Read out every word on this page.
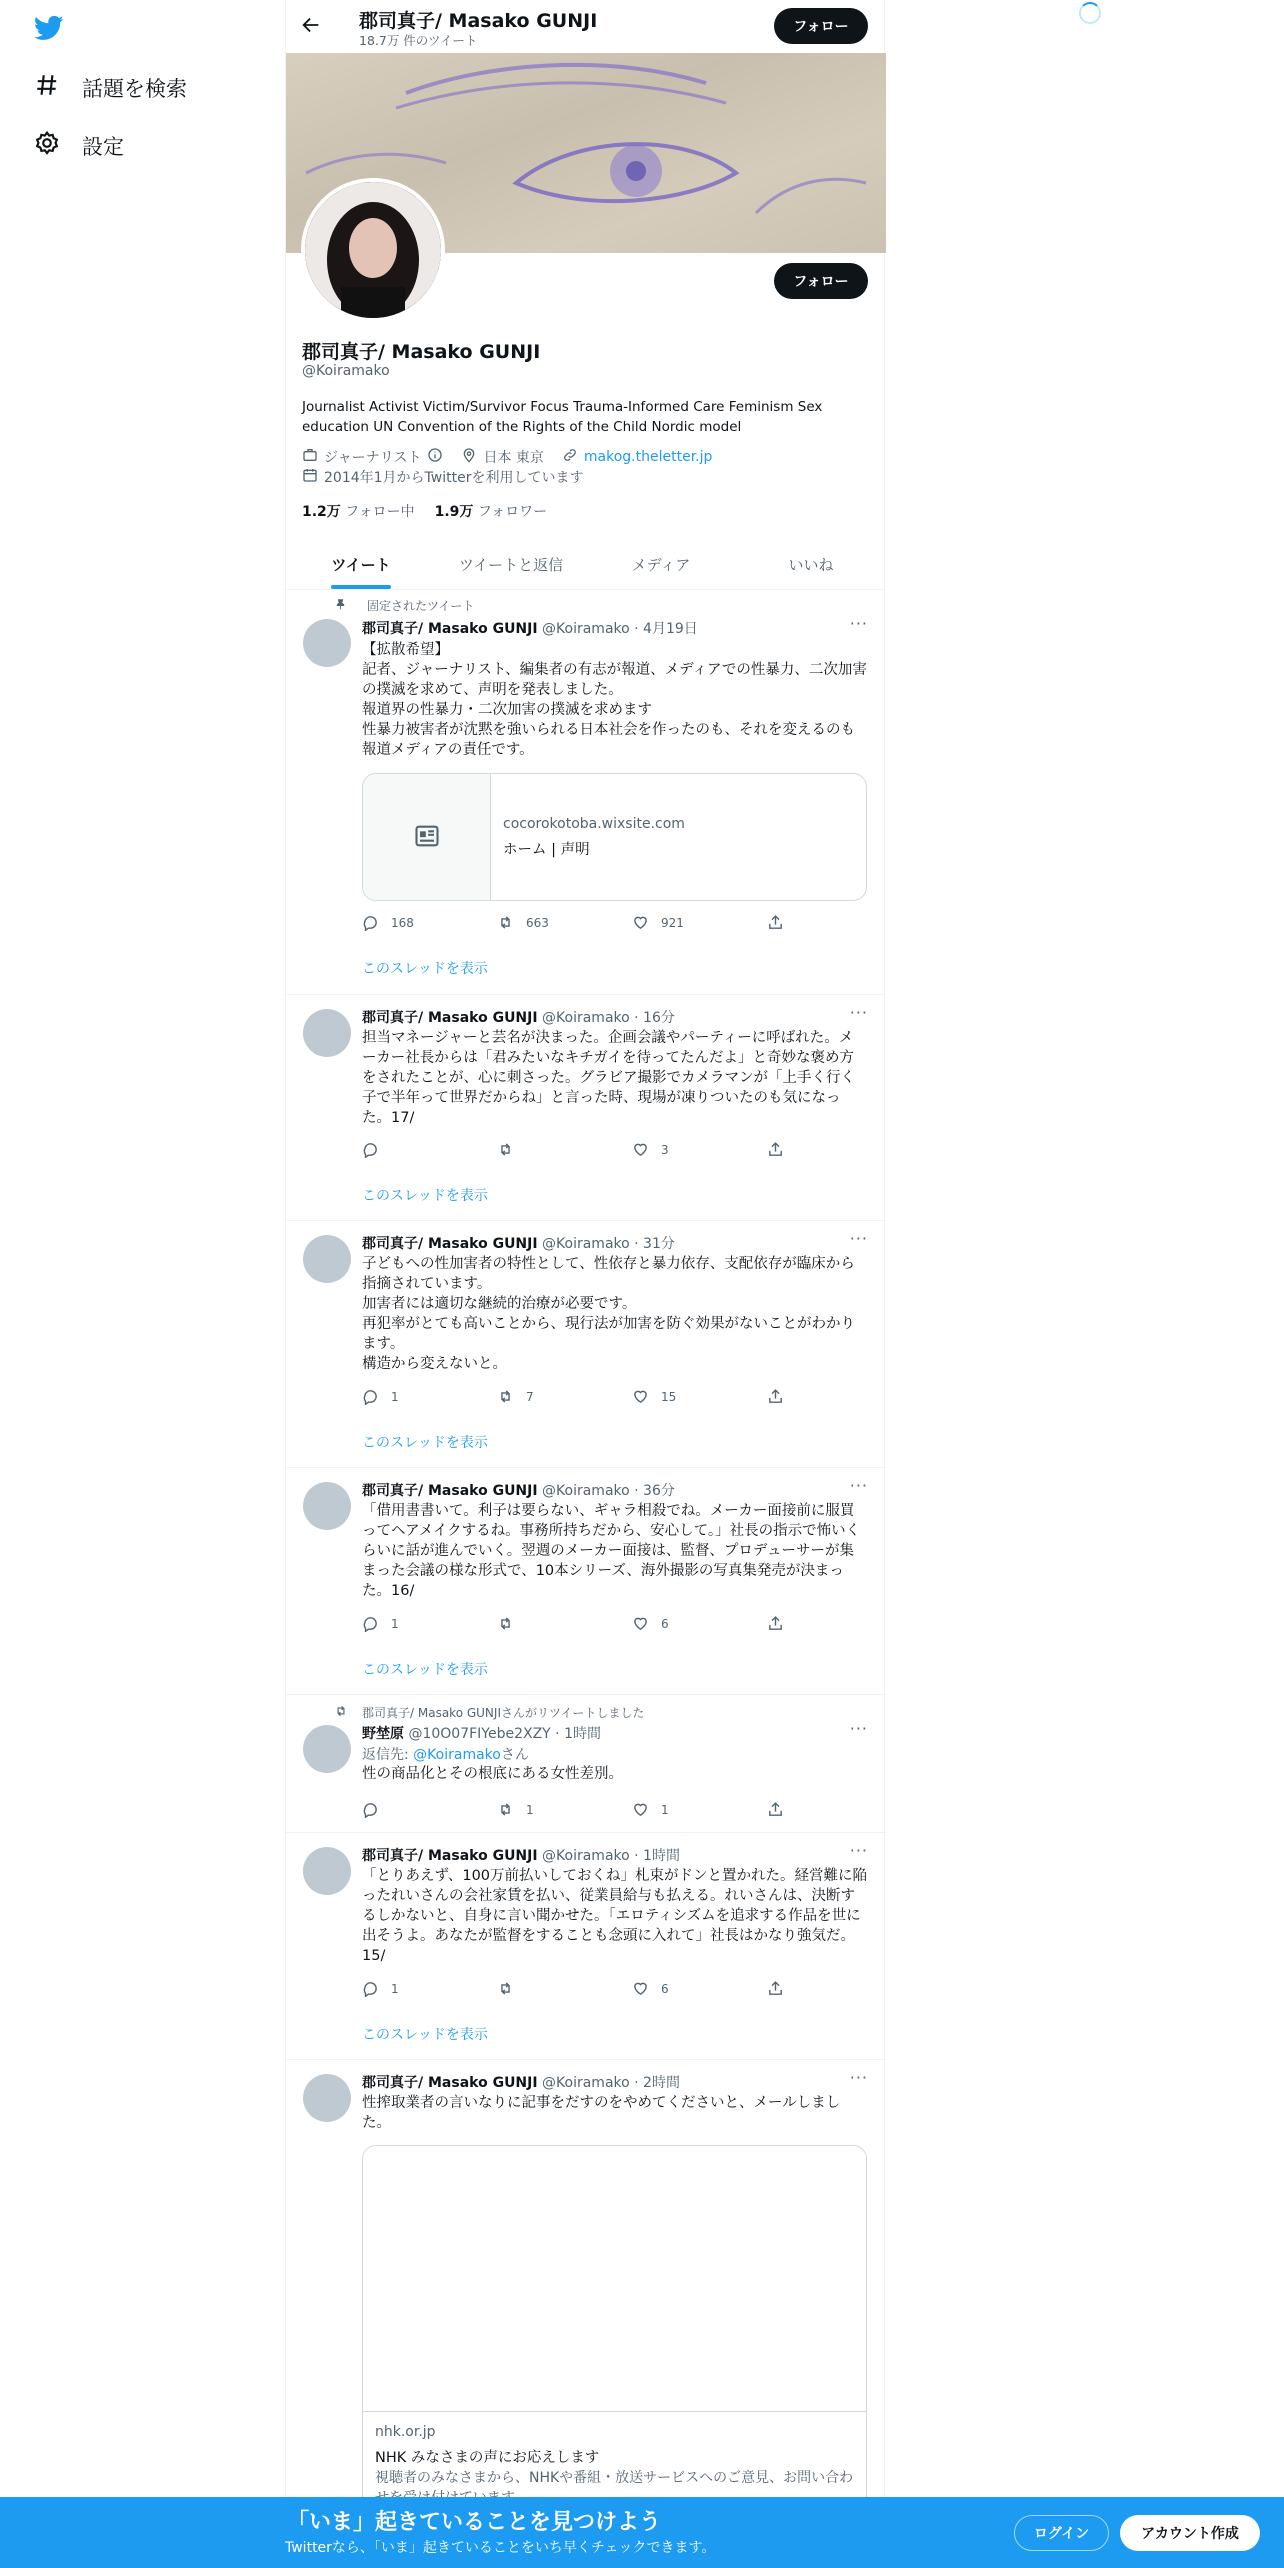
話題を検索
設定
郡司真子/ Masako GUNJI
18.7万 件のツイート
フォロー
フォロー
郡司真子/ Masako GUNJI
@Koiramako
Journalist Activist Victim/Survivor Focus Trauma-Informed Care Feminism Sex education UN Convention of the Rights of the Child Nordic model
ジャーナリスト	日本 東京	makog.theletter.jp
2014年1月からTwitterを利用しています
1.2万 フォロー中 1.9万 フォロワー
ツイート	ツイートと返信	メディア	いいね
固定されたツイート
郡司真子/ Masako GUNJI @Koiramako · 4月19日	···
【拡散希望】
記者、ジャーナリスト、編集者の有志が報道、メディアでの性暴力、二次加害の撲滅を求めて、声明を発表しました。
報道界の性暴力・二次加害の撲滅を求めます
性暴力被害者が沈黙を強いられる日本社会を作ったのも、それを変えるのも報道メディアの責任です。
cocorokotoba.wixsite.com
ホーム | 声明
168	663	921
このスレッドを表示
郡司真子/ Masako GUNJI @Koiramako · 16分	···
担当マネージャーと芸名が決まった。企画会議やパーティーに呼ばれた。メーカー社長からは「君みたいなキチガイを待ってたんだよ」と奇妙な褒め方をされたことが、心に刺さった。グラビア撮影でカメラマンが「上手く行く子で半年って世界だからね」と言った時、現場が凍りついたのも気になった。17/
3
このスレッドを表示
郡司真子/ Masako GUNJI @Koiramako · 31分	···
子どもへの性加害者の特性として、性依存と暴力依存、支配依存が臨床から指摘されています。
加害者には適切な継続的治療が必要です。
再犯率がとても高いことから、現行法が加害を防ぐ効果がないことがわかります。
構造から変えないと。
1	7	15
このスレッドを表示
郡司真子/ Masako GUNJI @Koiramako · 36分	···
「借用書書いて。利子は要らない、ギャラ相殺でね。メーカー面接前に服買ってヘアメイクするね。事務所持ちだから、安心して。」社長の指示で怖いくらいに話が進んでいく。翌週のメーカー面接は、監督、プロデューサーが集まった会議の様な形式で、10本シリーズ、海外撮影の写真集発売が決まった。16/
1	6
このスレッドを表示
郡司真子/ Masako GUNJIさんがリツイートしました
野埜原 @10O07FIYebe2XZY · 1時間	···
返信先: @Koiramakoさん
性の商品化とその根底にある女性差別。
1	1
郡司真子/ Masako GUNJI @Koiramako · 1時間	···
「とりあえず、100万前払いしておくね」札束がドンと置かれた。経営難に陥ったれいさんの会社家賃を払い、従業員給与も払える。れいさんは、決断するしかないと、自身に言い聞かせた。「エロティシズムを追求する作品を世に出そうよ。あなたが監督をすることも念頭に入れて」社長はかなり強気だ。　15/
1	6
このスレッドを表示
郡司真子/ Masako GUNJI @Koiramako · 2時間	···
性搾取業者の言いなりに記事をだすのをやめてくださいと、メールしました。
nhk.or.jp
NHK みなさまの声にお応えします
視聴者のみなさまから、NHKや番組・放送サービスへのご意見、お問い合わ
「いま」起きていることを見つけよう
Twitterなら、「いま」起きていることをいち早くチェックできます。
ログイン	アカウント作成
